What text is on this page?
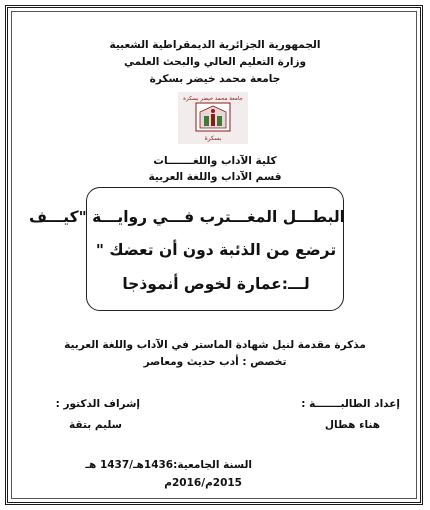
الجمهورية الجزائرية الديمقراطية الشعبية
وزارة التعليم العالي والبحث العلمي
جامعة محمد خيضر بسكرة
جامعة محمد خيضر بسكرة
بسكرة
كلية الآداب واللغـــــــات
قسم الآداب واللغة العربية
البطـــل المغـــترب فـــي روايـــة "كيـــف
ترضع من الذئبة دون أن تعضك "
لـــ:عمارة لخوص أنموذجا
مذكرة مقدمة لنيل شهادة الماستر في الآداب واللغة العربية
تخصص : أدب حديث ومعاصر
إعداد الطالبـــــــة :
هناء هطال
إشراف الدكتور :
سليم بتقة
السنة الجامعية:1436هـ/1437 هـ
2015م/2016م
